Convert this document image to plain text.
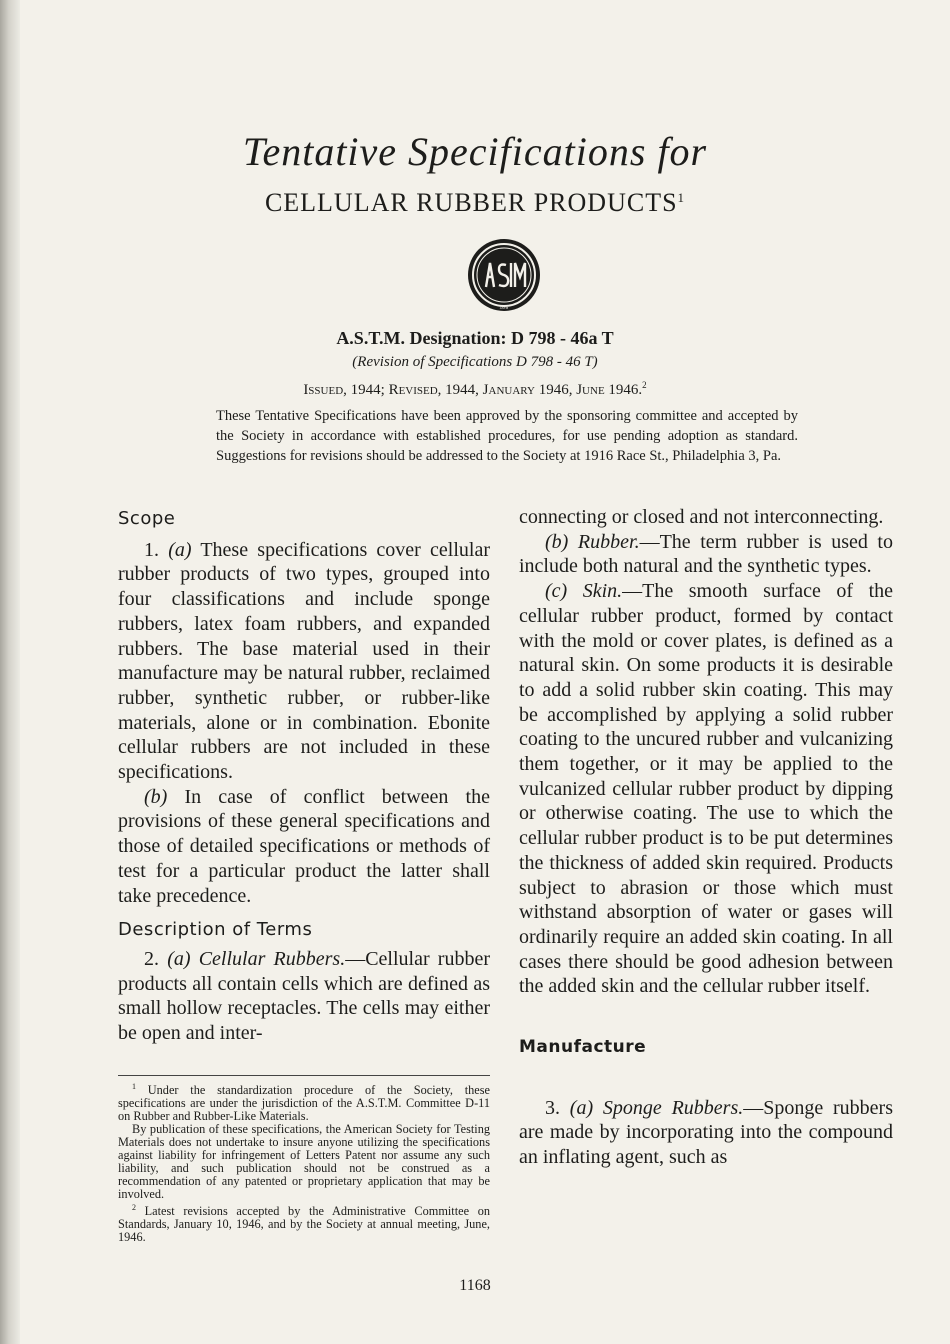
Tentative Specifications for
CELLULAR RUBBER PRODUCTS$^1$
ASTM
A.S.T.M. Designation: D 798 - 46a T
(Revision of Specifications D 798 - 46 T)
Issued, 1944; Revised, 1944, January 1946, June 1946.$^2$
These Tentative Specifications have been approved by the sponsoring committee and accepted by the Society in accordance with established procedures, for use pending adoption as standard. Suggestions for revisions should be addressed to the Society at 1916 Race St., Philadelphia 3, Pa.
Scope

1. (a) These specifications cover cellular rubber products of two types, grouped into four classifications and include sponge rubbers, latex foam rubbers, and expanded rubbers. The base material used in their manufacture may be natural rubber, reclaimed rubber, synthetic rubber, or rubber-like materials, alone or in combination. Ebonite cellular rubbers are not included in these specifications.

(b) In case of conflict between the provisions of these general specifications and those of detailed specifications or methods of test for a particular product the latter shall take precedence.

Description of Terms

2. (a) Cellular Rubbers.—Cellular rubber products all contain cells which are defined as small hollow receptacles. The cells may either be open and inter-

$^1$ Under the standardization procedure of the Society, these specifications are under the jurisdiction of the A.S.T.M. Committee D-11 on Rubber and Rubber-Like Materials.

By publication of these specifications, the American Society for Testing Materials does not undertake to insure anyone utilizing the specifications against liability for infringement of Letters Patent nor assume any such liability, and such publication should not be construed as a recommendation of any patented or proprietary application that may be involved.

$^2$ Latest revisions accepted by the Administrative Committee on Standards, January 10, 1946, and by the Society at annual meeting, June, 1946.

connecting or closed and not interconnecting.

(b) Rubber.—The term rubber is used to include both natural and the synthetic types.

(c) Skin.—The smooth surface of the cellular rubber product, formed by contact with the mold or cover plates, is defined as a natural skin. On some products it is desirable to add a solid rubber skin coating. This may be accomplished by applying a solid rubber coating to the uncured rubber and vulcanizing them together, or it may be applied to the vulcanized cellular rubber product by dipping or otherwise coating. The use to which the cellular rubber product is to be put determines the thickness of added skin required. Products subject to abrasion or those which must withstand absorption of water or gases will ordinarily require an added skin coating. In all cases there should be good adhesion between the added skin and the cellular rubber itself.

Manufacture

3. (a) Sponge Rubbers.—Sponge rubbers are made by incorporating into the compound an inflating agent, such as

1168
